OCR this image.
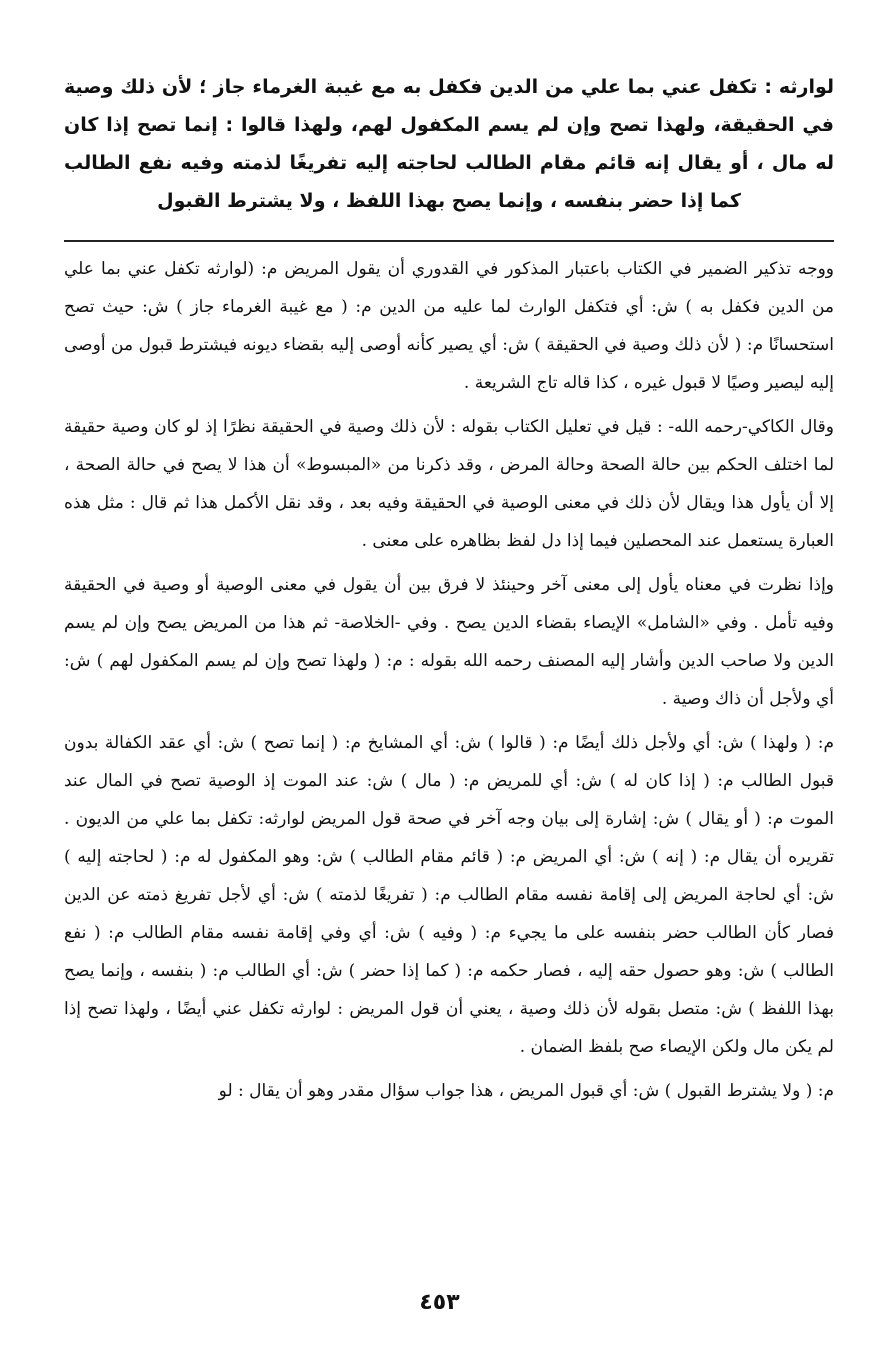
لوارثه : تكفل عني بما علي من الدين فكفل به مع غيبة الغرماء جاز ؛ لأن ذلك وصية في الحقيقة، ولهذا تصح وإن لم يسم المكفول لهم، ولهذا قالوا : إنما تصح إذا كان له مال ، أو يقال إنه قائم مقام الطالب لحاجته إليه تفريغًا لذمته وفيه نفع الطالب كما إذا حضر بنفسه ، وإنما يصح بهذا اللفظ ، ولا يشترط القبول

ووجه تذكير الضمير في الكتاب باعتبار المذكور في القدوري أن يقول المريض م: (لوارثه تكفل عني بما علي من الدين فكفل به ) ش: أي فتكفل الوارث لما عليه من الدين م: ( مع غيبة الغرماء جاز ) ش: حيث تصح استحسانًا م: ( لأن ذلك وصية في الحقيقة ) ش: أي يصير كأنه أوصى إليه بقضاء ديونه فيشترط قبول من أوصى إليه ليصير وصيًا لا قبول غيره ، كذا قاله تاج الشريعة .

وقال الكاكي-رحمه الله- : قيل في تعليل الكتاب بقوله : لأن ذلك وصية في الحقيقة نظرًا إذ لو كان وصية حقيقة لما اختلف الحكم بين حالة الصحة وحالة المرض ، وقد ذكرنا من «المبسوط» أن هذا لا يصح في حالة الصحة ، إلا أن يأول هذا ويقال لأن ذلك في معنى الوصية في الحقيقة وفيه بعد ، وقد نقل الأكمل هذا ثم قال : مثل هذه العبارة يستعمل عند المحصلين فيما إذا دل لفظ بظاهره على معنى .

وإذا نظرت في معناه يأول إلى معنى آخر وحينئذ لا فرق بين أن يقول في معنى الوصية أو وصية في الحقيقة وفيه تأمل . وفي «الشامل» الإيصاء بقضاء الدين يصح . وفي -الخلاصة- ثم هذا من المريض يصح وإن لم يسم الدين ولا صاحب الدين وأشار إليه المصنف رحمه الله بقوله : م: ( ولهذا تصح وإن لم يسم المكفول لهم ) ش: أي ولأجل أن ذاك وصية .

م: ( ولهذا ) ش: أي ولأجل ذلك أيضًا م: ( قالوا ) ش: أي المشايخ م: ( إنما تصح ) ش: أي عقد الكفالة بدون قبول الطالب م: ( إذا كان له ) ش: أي للمريض م: ( مال ) ش: عند الموت إذ الوصية تصح في المال عند الموت م: ( أو يقال ) ش: إشارة إلى بيان وجه آخر في صحة قول المريض لوارثه: تكفل بما علي من الديون . تقريره أن يقال م: ( إنه ) ش: أي المريض م: ( قائم مقام الطالب ) ش: وهو المكفول له م: ( لحاجته إليه ) ش: أي لحاجة المريض إلى إقامة نفسه مقام الطالب م: ( تفريغًا لذمته ) ش: أي لأجل تفريغ ذمته عن الدين فصار كأن الطالب حضر بنفسه على ما يجيء م: ( وفيه ) ش: أي وفي إقامة نفسه مقام الطالب م: ( نفع الطالب ) ش: وهو حصول حقه إليه ، فصار حكمه م: ( كما إذا حضر ) ش: أي الطالب م: ( بنفسه ، وإنما يصح بهذا اللفظ ) ش: متصل بقوله لأن ذلك وصية ، يعني أن قول المريض : لوارثه تكفل عني أيضًا ، ولهذا تصح إذا لم يكن مال ولكن الإيصاء صح بلفظ الضمان .

م: ( ولا يشترط القبول ) ش: أي قبول المريض ، هذا جواب سؤال مقدر وهو أن يقال : لو

٤٥٣
